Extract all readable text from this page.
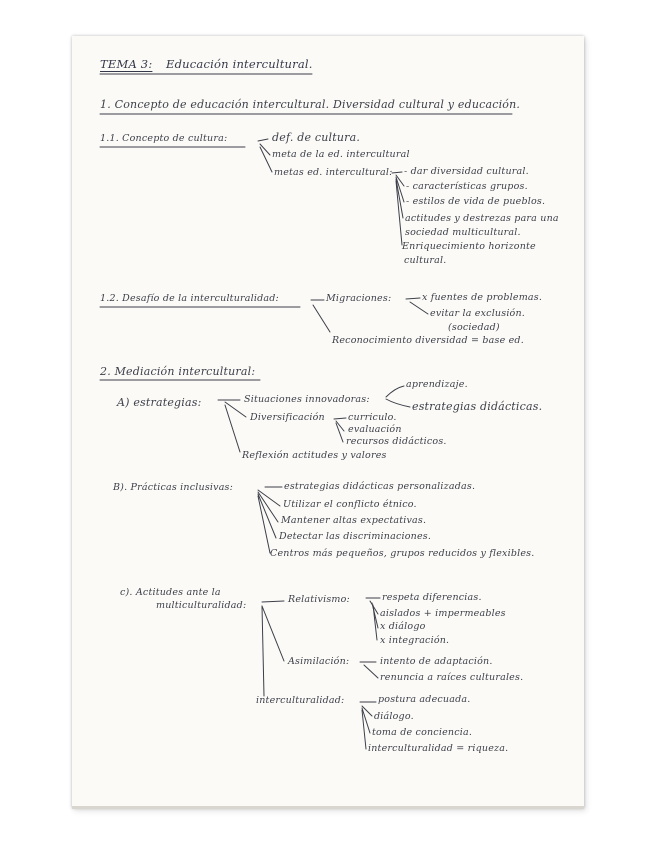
TEMA 3: Educación intercultural.
1. Concepto de educación intercultural. Diversidad cultural y educación.
1.1. Concepto de cultura:	def. de cultura.
meta de la ed. intercultural
metas ed. intercultural: - dar diversidad cultural.
- características grupos.
- estilos de vida de pueblos.
actitudes y destrezas para una
sociedad multicultural.
Enriquecimiento horizonte
cultural.
1.2. Desafío de la interculturalidad:	Migraciones:	x fuentes de problemas.
evitar la exclusión.
(sociedad)
Reconocimiento diversidad = base ed.
2. Mediación intercultural:
A) estrategias:	Situaciones innovadoras:
aprendizaje.
estrategias didácticas.
Diversificación curriculo.
evaluación
recursos didácticos.
Reflexión actitudes y valores
B). Prácticas inclusivas:	estrategias didácticas personalizadas.
Utilizar el conflicto étnico.
Mantener altas expectativas.
Detectar las discriminaciones.
Centros más pequeños, grupos reducidos y flexibles.
c). Actitudes ante la
multiculturalidad:
Relativismo:	respeta diferencias.
aislados + impermeables
x diálogo
x integración.
Asimilación:	intento de adaptación.
renuncia a raíces culturales.
interculturalidad:	postura adecuada.
diálogo.
toma de conciencia.
interculturalidad = riqueza.
